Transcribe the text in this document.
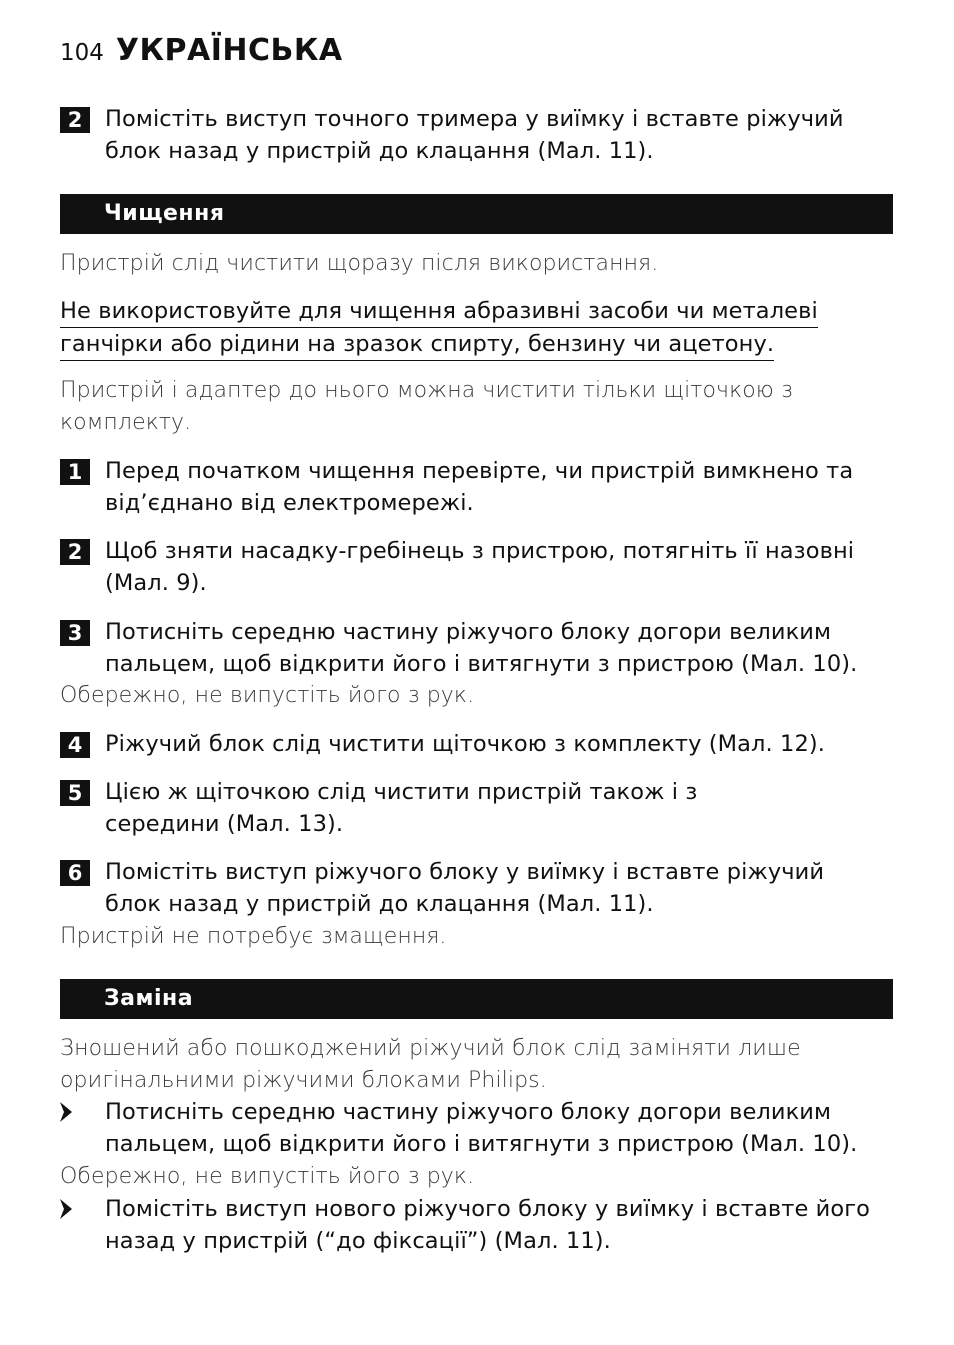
104 УКРАЇНСЬКА
2	Помістіть виступ точного тримера у виїмку і вставте ріжучий блок назад у пристрій до клацання (Мал. 11).
Чищення
Пристрій слід чистити щоразу після використання.
Не використовуйте для чищення абразивні засоби чи металеві
ганчірки або рідини на зразок спирту, бензину чи ацетону.
Пристрій і адаптер до нього можна чистити тільки щіточкою з комплекту.
1	Перед початком чищення перевірте, чи пристрій вимкнено та від’єднано від електромережі.
2	Щоб зняти насадку-гребінець з пристрою, потягніть її назовні (Мал. 9).
3	Потисніть середню частину ріжучого блоку догори великим пальцем, щоб відкрити його і витягнути з пристрою (Мал. 10).
Обережно, не випустіть його з рук.
4	Ріжучий блок слід чистити щіточкою з комплекту (Мал. 12).
5	Цією ж щіточкою слід чистити пристрій також і з середини (Мал. 13).
6	Помістіть виступ ріжучого блоку у виїмку і вставте ріжучий блок назад у пристрій до клацання (Мал. 11).
Пристрій не потребує змащення.
Заміна
Зношений або пошкоджений ріжучий блок слід заміняти лише оригінальними ріжучими блоками Philips.
Потисніть середню частину ріжучого блоку догори великим пальцем, щоб відкрити його і витягнути з пристрою (Мал. 10).
Обережно, не випустіть його з рук.
Помістіть виступ нового ріжучого блоку у виїмку і вставте його назад у пристрій (“до фіксації”) (Мал. 11).
